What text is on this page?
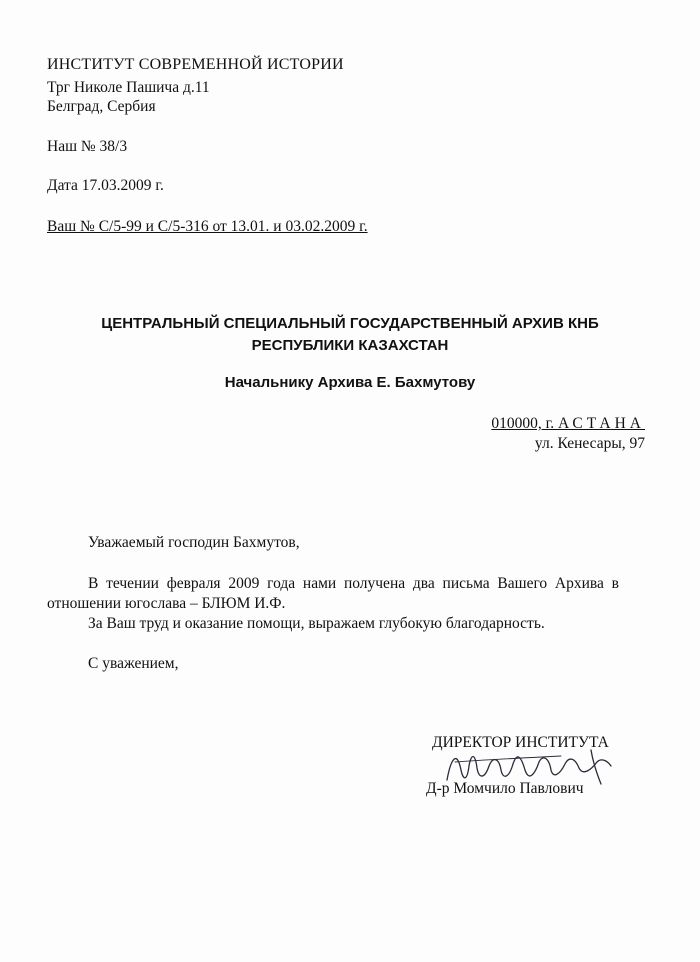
ИНСТИТУТ СОВРЕМЕННОЙ ИСТОРИИ
Трг Николе Пашича д.11
Белград, Сербия
Наш № 38/3
Дата 17.03.2009 г.
Ваш № С/5-99 и С/5-316 от 13.01. и 03.02.2009 г.
ЦЕНТРАЛЬНЫЙ СПЕЦИАЛЬНЫЙ ГОСУДАРСТВЕННЫЙ АРХИВ КНБ
РЕСПУБЛИКИ КАЗАХСТАН
Начальнику Архива Е. Бахмутову
010000, г. АСТАНА
ул. Кенесары, 97
Уважаемый господин Бахмутов,
В течении февраля 2009 года нами получена два письма Вашего Архива в отношении югослава – БЛЮМ И.Ф.
За Ваш труд и оказание помощи, выражаем глубокую благодарность.
С уважением,
ДИРЕКТОР ИНСТИТУТА
Д-р Момчило Павлович
